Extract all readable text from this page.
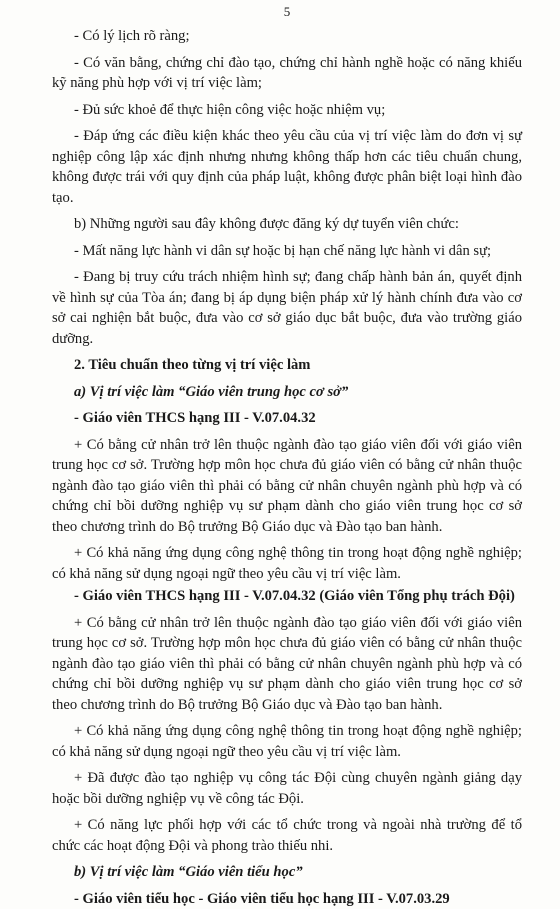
5

- Có lý lịch rõ ràng;

- Có văn bằng, chứng chỉ đào tạo, chứng chỉ hành nghề hoặc có năng khiếu kỹ năng phù hợp với vị trí việc làm;

- Đủ sức khoẻ để thực hiện công việc hoặc nhiệm vụ;

- Đáp ứng các điều kiện khác theo yêu cầu của vị trí việc làm do đơn vị sự nghiệp công lập xác định nhưng nhưng không thấp hơn các tiêu chuẩn chung, không được trái với quy định của pháp luật, không được phân biệt loại hình đào tạo.

b) Những người sau đây không được đăng ký dự tuyển viên chức:

- Mất năng lực hành vi dân sự hoặc bị hạn chế năng lực hành vi dân sự;

- Đang bị truy cứu trách nhiệm hình sự; đang chấp hành bản án, quyết định về hình sự của Tòa án; đang bị áp dụng biện pháp xử lý hành chính đưa vào cơ sở cai nghiện bắt buộc, đưa vào cơ sở giáo dục bắt buộc, đưa vào trường giáo dưỡng.

2. Tiêu chuẩn theo từng vị trí việc làm

a) Vị trí việc làm “Giáo viên trung học cơ sở”

- Giáo viên THCS hạng III - V.07.04.32

+ Có bằng cử nhân trở lên thuộc ngành đào tạo giáo viên đối với giáo viên trung học cơ sở. Trường hợp môn học chưa đủ giáo viên có bằng cử nhân thuộc ngành đào tạo giáo viên thì phải có bằng cử nhân chuyên ngành phù hợp và có chứng chỉ bồi dưỡng nghiệp vụ sư phạm dành cho giáo viên trung học cơ sở theo chương trình do Bộ trưởng Bộ Giáo dục và Đào tạo ban hành.

+ Có khả năng ứng dụng công nghệ thông tin trong hoạt động nghề nghiệp; có khả năng sử dụng ngoại ngữ theo yêu cầu vị trí việc làm.

- Giáo viên THCS hạng III - V.07.04.32 (Giáo viên Tổng phụ trách Đội)

+ Có bằng cử nhân trở lên thuộc ngành đào tạo giáo viên đối với giáo viên trung học cơ sở. Trường hợp môn học chưa đủ giáo viên có bằng cử nhân thuộc ngành đào tạo giáo viên thì phải có bằng cử nhân chuyên ngành phù hợp và có chứng chỉ bồi dưỡng nghiệp vụ sư phạm dành cho giáo viên trung học cơ sở theo chương trình do Bộ trưởng Bộ Giáo dục và Đào tạo ban hành.

+ Có khả năng ứng dụng công nghệ thông tin trong hoạt động nghề nghiệp; có khả năng sử dụng ngoại ngữ theo yêu cầu vị trí việc làm.

+ Đã được đào tạo nghiệp vụ công tác Đội cùng chuyên ngành giảng dạy hoặc bồi dưỡng nghiệp vụ về công tác Đội.

+ Có năng lực phối hợp với các tổ chức trong và ngoài nhà trường để tổ chức các hoạt động Đội và phong trào thiếu nhi.

b) Vị trí việc làm “Giáo viên tiểu học”

- Giáo viên tiểu học - Giáo viên tiểu học hạng III - V.07.03.29
